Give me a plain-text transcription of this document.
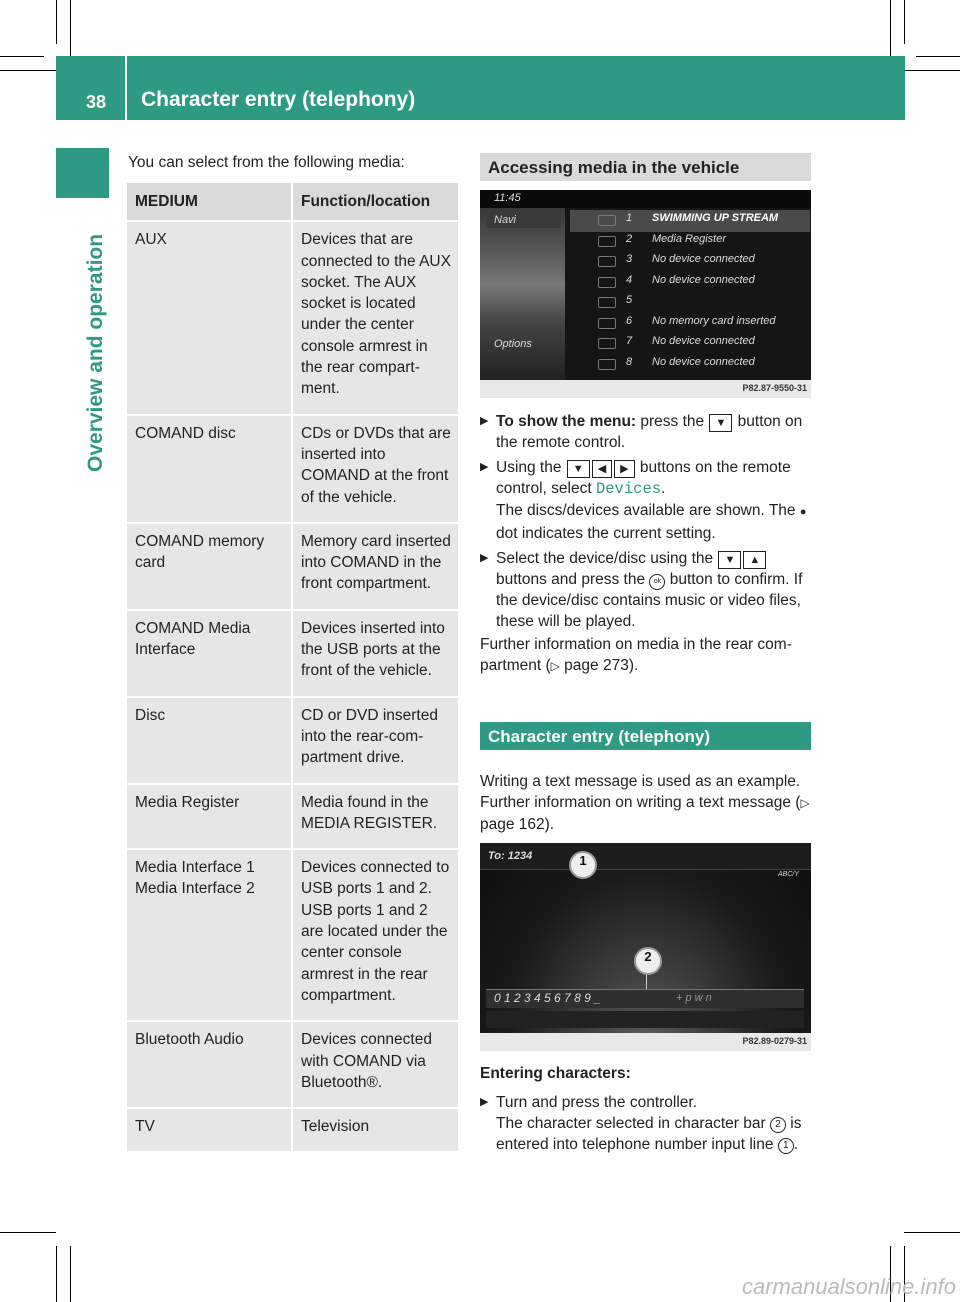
38 Character entry (telephony)
Overview and operation
You can select from the following media:
MEDIUM	Function/location
AUX	Devices that are connected to the AUX socket. The AUX socket is located under the center console armrest in the rear compartment.
COMAND disc	CDs or DVDs that are inserted into COMAND at the front of the vehicle.
COMAND memory card	Memory card inserted into COMAND in the front compartment.
COMAND Media Interface	Devices inserted into the USB ports at the front of the vehicle.
Disc	CD or DVD inserted into the rear-compartment drive.
Media Register	Media found in the MEDIA REGISTER.
Media Interface 1
Media Interface 2	Devices connected to USB ports 1 and 2. USB ports 1 and 2 are located under the center console armrest in the rear compartment.
Bluetooth Audio	Devices connected with COMAND via Bluetooth®.
TV	Television
Accessing media in the vehicle
11:45
Navi
Options
1 SWIMMING UP STREAM
2 Media Register
3 No device connected
4 No device connected
5
6 No memory card inserted
7 No device connected
8 No device connected
P82.87-9550-31
▶ To show the menu: press the ▼ button on the remote control.
▶ Using the ▼ ◀ ▶ buttons on the remote control, select Devices.
The discs/devices available are shown. The ● dot indicates the current setting.
▶ Select the device/disc using the ▼ ▲ buttons and press the ok button to confirm. If the device/disc contains music or video files, these will be played.
Further information on media in the rear compartment (▷ page 273).
Character entry (telephony)
Writing a text message is used as an example. Further information on writing a text message (▷ page 162).
To: 1234
ABC/Y
1
2
0 1 2 3 4 5 6 7 8 9 _	+ p w n
P82.89-0279-31
Entering characters:
▶ Turn and press the controller.
The character selected in character bar 2 is entered into telephone number input line 1 .
carmanualsonline.info
